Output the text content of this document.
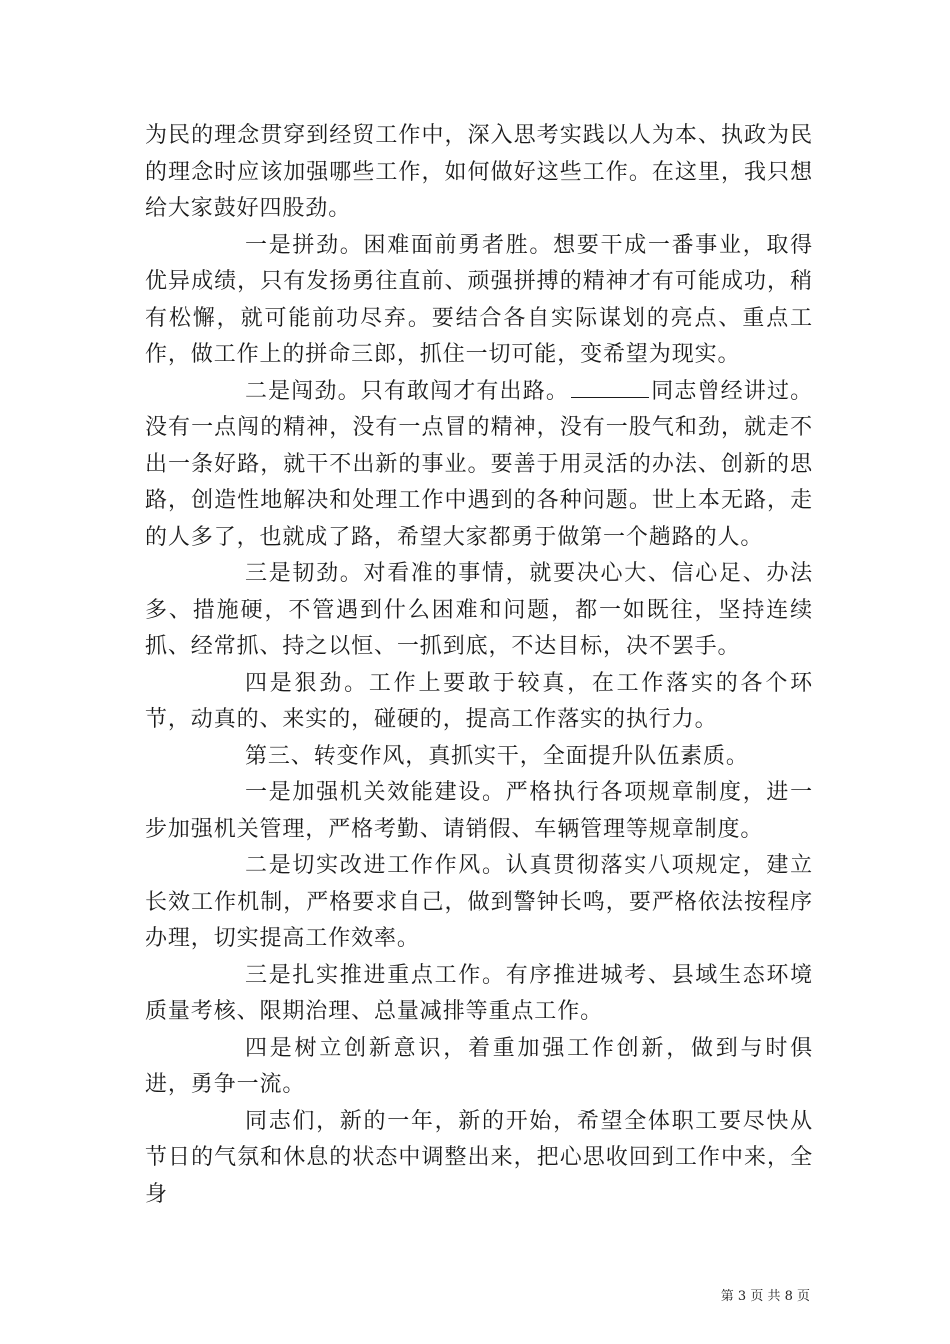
为民的理念贯穿到经贸工作中，深入思考实践以人为本、执政为民的理念时应该加强哪些工作，如何做好这些工作。在这里，我只想给大家鼓好四股劲。

一是拼劲。困难面前勇者胜。想要干成一番事业，取得优异成绩，只有发扬勇往直前、顽强拼搏的精神才有可能成功，稍有松懈，就可能前功尽弃。要结合各自实际谋划的亮点、重点工作，做工作上的拼命三郎，抓住一切可能，变希望为现实。

二是闯劲。只有敢闯才有出路。	同志曾经讲过。没有一点闯的精神，没有一点冒的精神，没有一股气和劲，就走不出一条好路，就干不出新的事业。要善于用灵活的办法、创新的思路，创造性地解决和处理工作中遇到的各种问题。世上本无路，走的人多了，也就成了路，希望大家都勇于做第一个趟路的人。

三是韧劲。对看准的事情，就要决心大、信心足、办法多、措施硬，不管遇到什么困难和问题，都一如既往，坚持连续抓、经常抓、持之以恒、一抓到底，不达目标，决不罢手。

四是狠劲。工作上要敢于较真，在工作落实的各个环节，动真的、来实的，碰硬的，提高工作落实的执行力。

第三、转变作风，真抓实干，全面提升队伍素质。

一是加强机关效能建设。严格执行各项规章制度，进一步加强机关管理，严格考勤、请销假、车辆管理等规章制度。

二是切实改进工作作风。认真贯彻落实八项规定，建立长效工作机制，严格要求自己，做到警钟长鸣，要严格依法按程序办理，切实提高工作效率。

三是扎实推进重点工作。有序推进城考、县域生态环境质量考核、限期治理、总量减排等重点工作。

四是树立创新意识，着重加强工作创新，做到与时俱进，勇争一流。

同志们，新的一年，新的开始，希望全体职工要尽快从节日的气氛和休息的状态中调整出来，把心思收回到工作中来，全身

第 3 页 共 8 页
